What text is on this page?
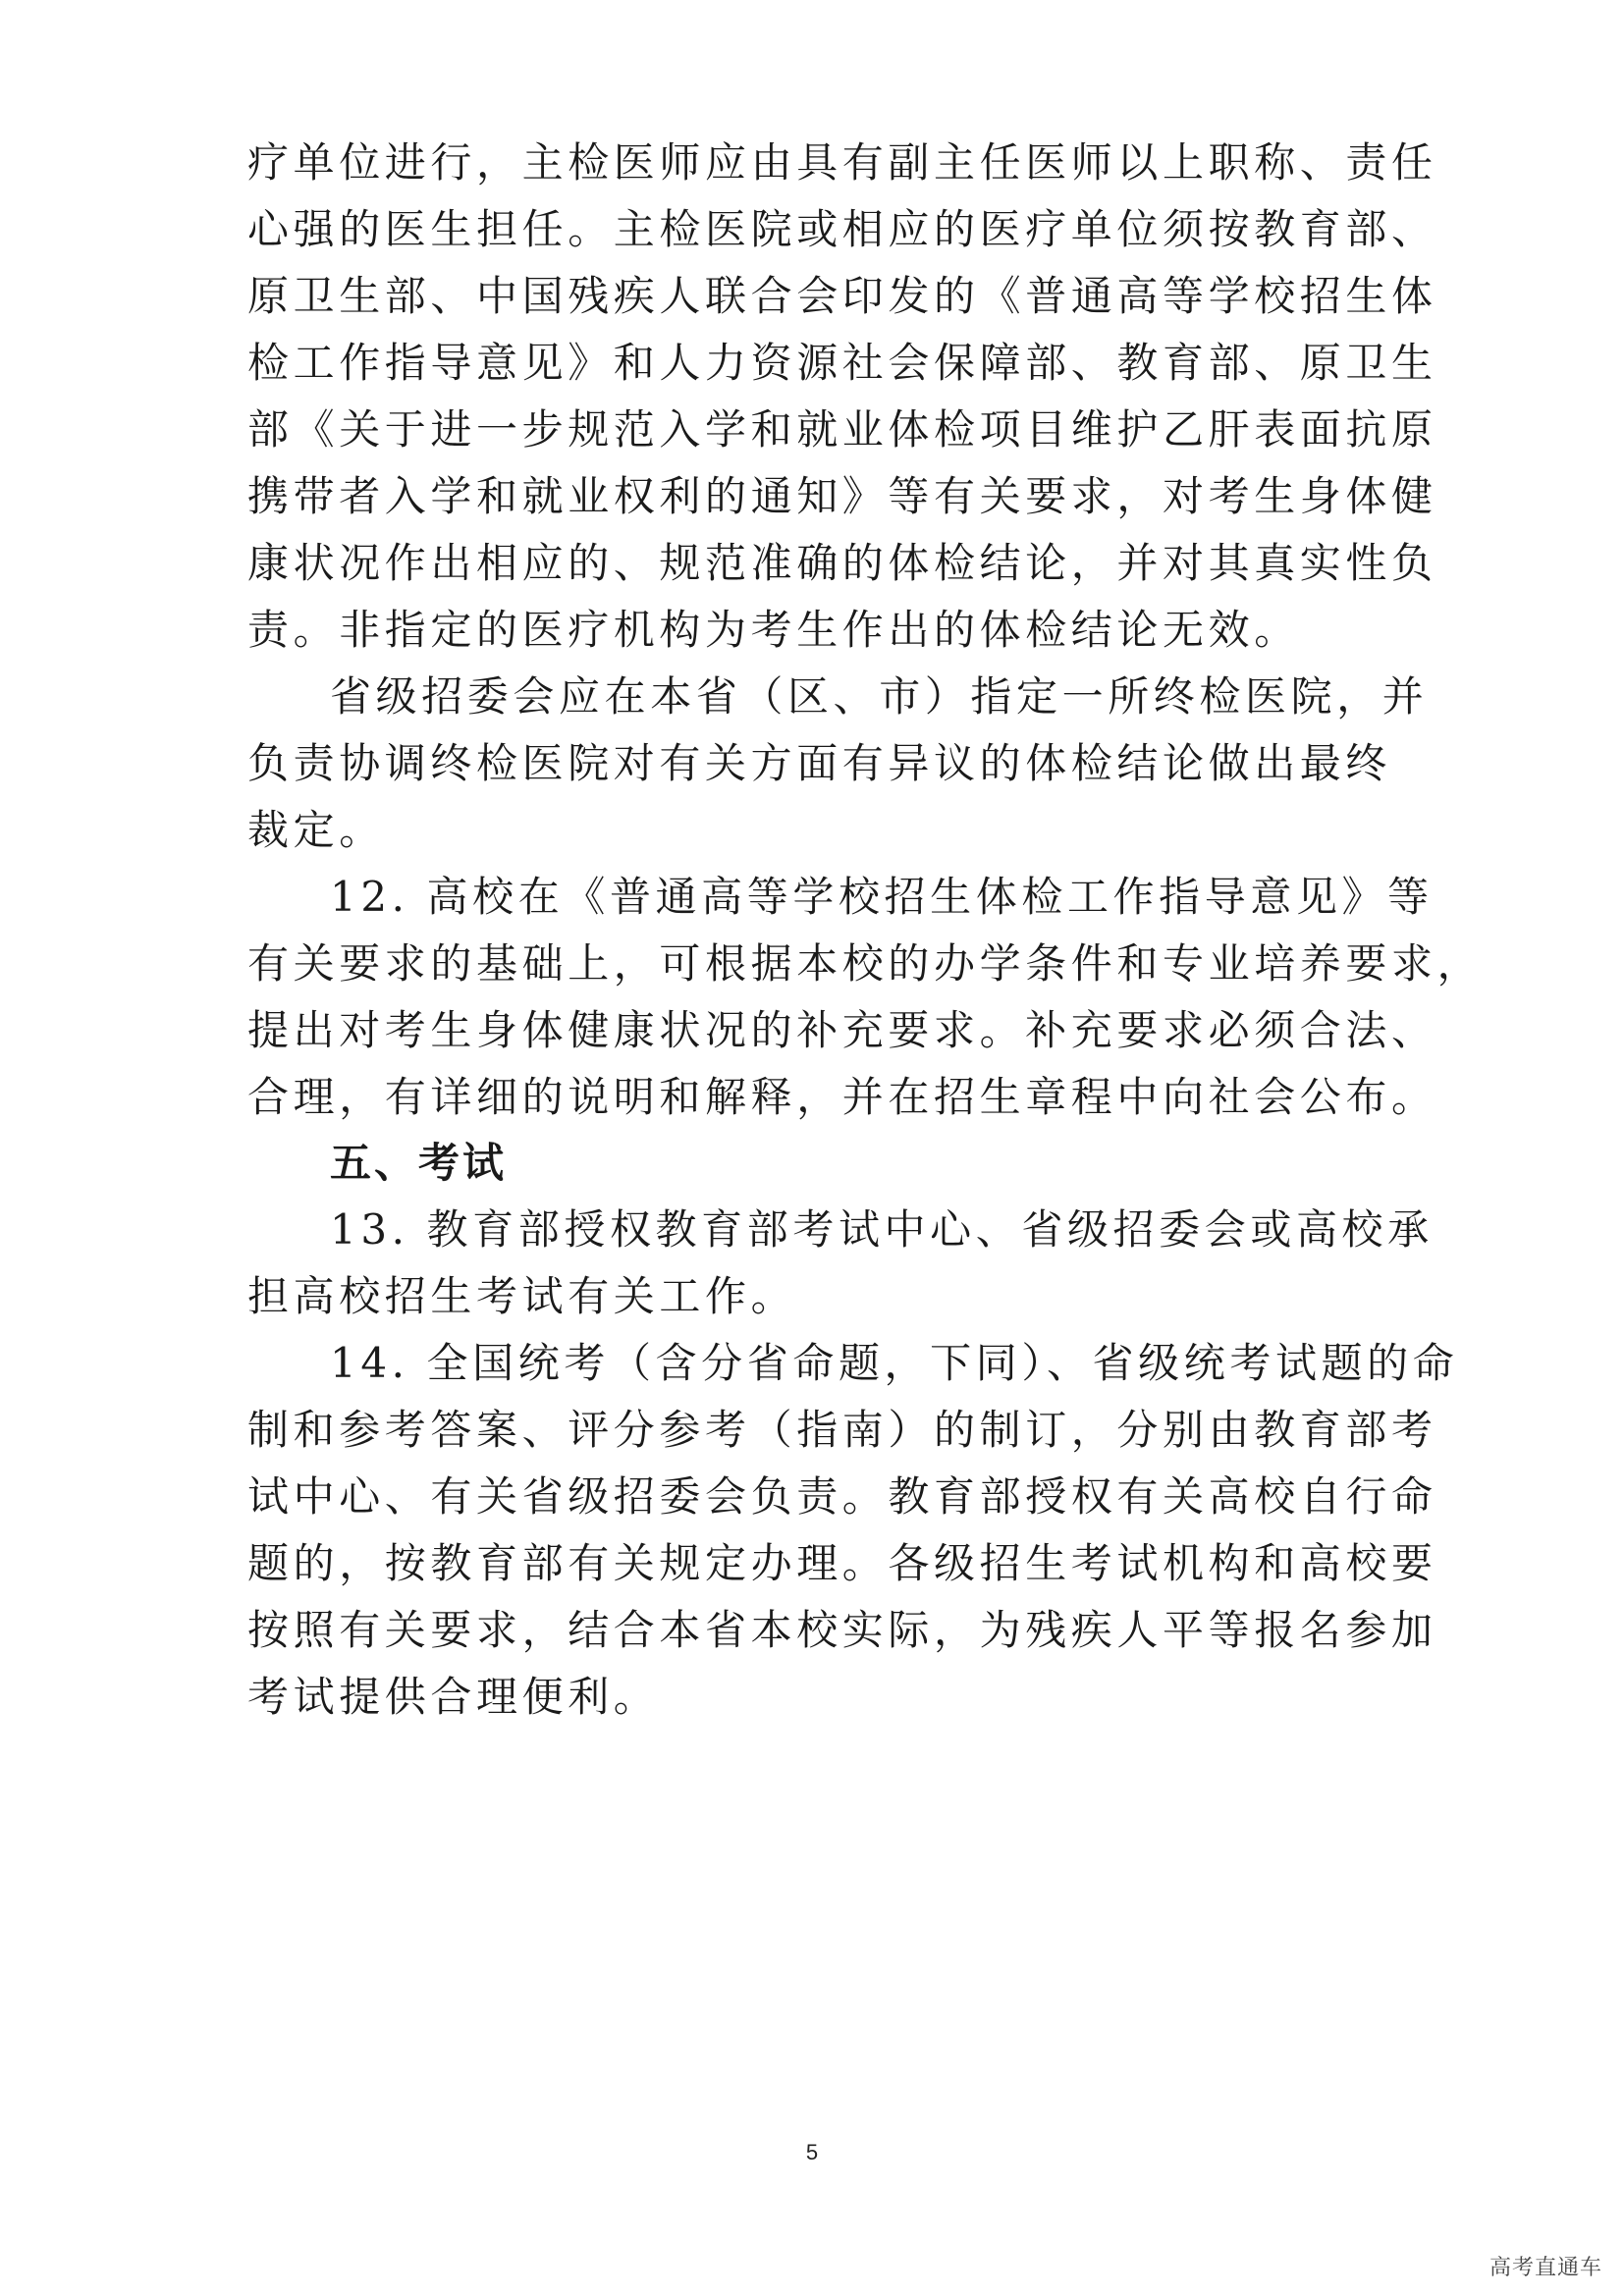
疗单位进行，主检医师应由具有副主任医师以上职称、责任
心强的医生担任。主检医院或相应的医疗单位须按教育部、
原卫生部、中国残疾人联合会印发的《普通高等学校招生体
检工作指导意见》和人力资源社会保障部、教育部、原卫生
部《关于进一步规范入学和就业体检项目维护乙肝表面抗原
携带者入学和就业权利的通知》等有关要求，对考生身体健
康状况作出相应的、规范准确的体检结论，并对其真实性负
责。非指定的医疗机构为考生作出的体检结论无效。
省级招委会应在本省（区、市）指定一所终检医院，并
负责协调终检医院对有关方面有异议的体检结论做出最终
裁定。
12. 高校在《普通高等学校招生体检工作指导意见》等
有关要求的基础上，可根据本校的办学条件和专业培养要求，
提出对考生身体健康状况的补充要求。补充要求必须合法、
合理，有详细的说明和解释，并在招生章程中向社会公布。
五、考试
13. 教育部授权教育部考试中心、省级招委会或高校承
担高校招生考试有关工作。
14. 全国统考（含分省命题，下同）、省级统考试题的命
制和参考答案、评分参考（指南）的制订，分别由教育部考
试中心、有关省级招委会负责。教育部授权有关高校自行命
题的，按教育部有关规定办理。各级招生考试机构和高校要
按照有关要求，结合本省本校实际，为残疾人平等报名参加
考试提供合理便利。
5
高考直通车
